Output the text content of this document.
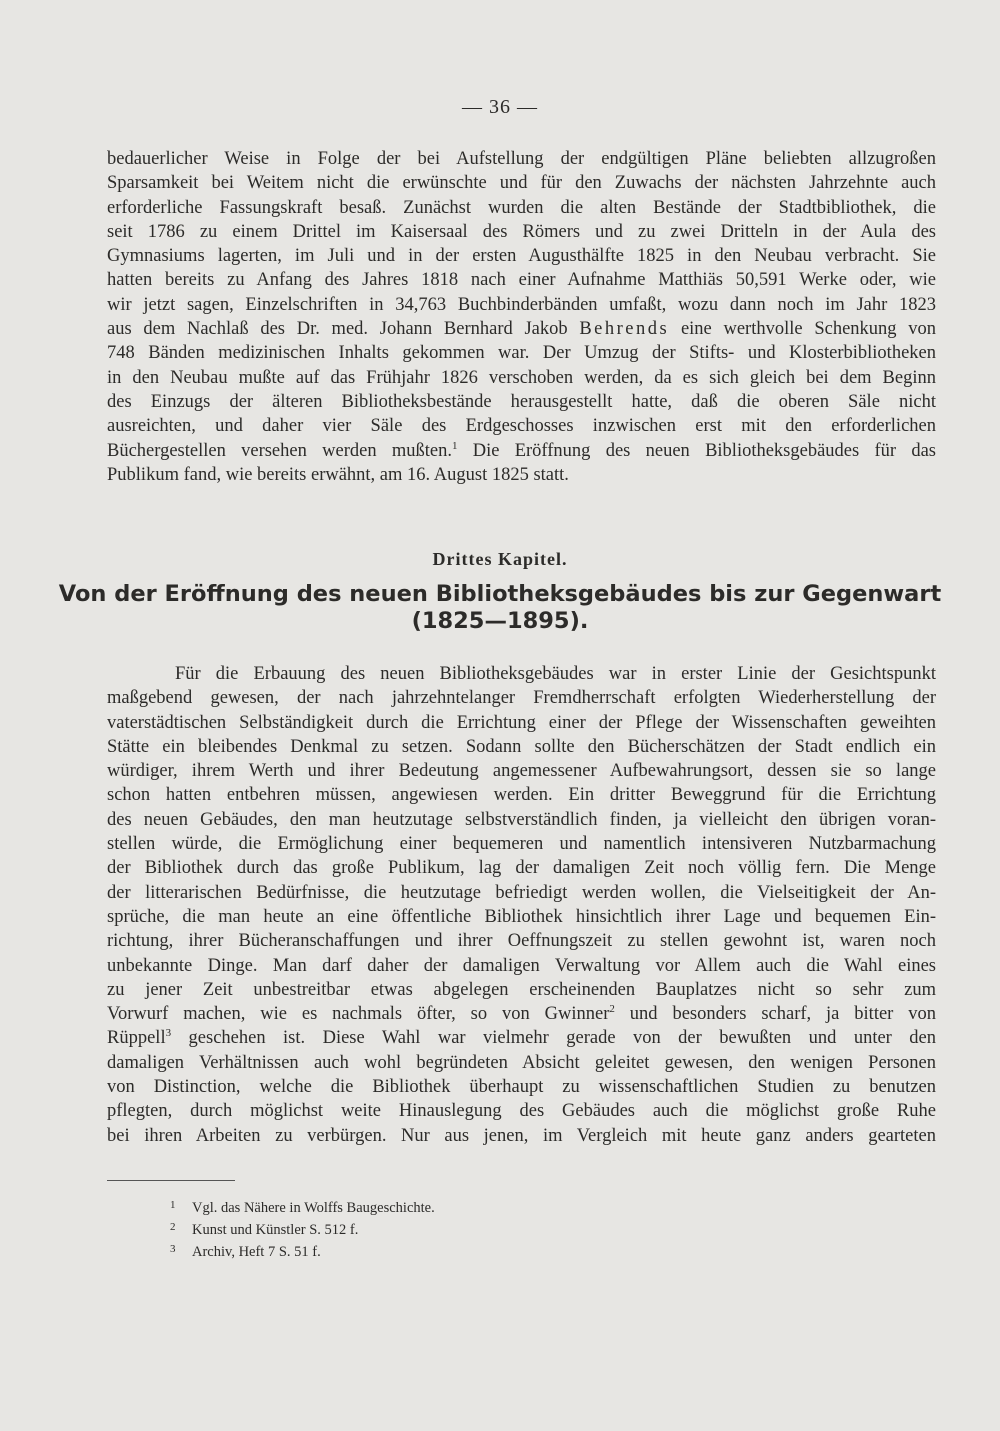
— 36 —
bedauerlicher Weise in Folge der bei Aufstellung der endgültigen Pläne beliebten allzugroßen
Sparsamkeit bei Weitem nicht die erwünschte und für den Zuwachs der nächsten Jahrzehnte auch
erforderliche Fassungskraft besaß. Zunächst wurden die alten Bestände der Stadtbibliothek, die
seit 1786 zu einem Drittel im Kaisersaal des Römers und zu zwei Dritteln in der Aula des
Gymnasiums lagerten, im Juli und in der ersten Augusthälfte 1825 in den Neubau verbracht. Sie
hatten bereits zu Anfang des Jahres 1818 nach einer Aufnahme Matthiäs 50,591 Werke oder, wie
wir jetzt sagen, Einzelschriften in 34,763 Buchbinderbänden umfaßt, wozu dann noch im Jahr 1823
aus dem Nachlaß des Dr. med. Johann Bernhard Jakob Behrends eine werthvolle Schenkung von
748 Bänden medizinischen Inhalts gekommen war. Der Umzug der Stifts- und Klosterbibliotheken
in den Neubau mußte auf das Frühjahr 1826 verschoben werden, da es sich gleich bei dem Beginn
des Einzugs der älteren Bibliotheksbestände herausgestellt hatte, daß die oberen Säle nicht
ausreichten, und daher vier Säle des Erdgeschosses inzwischen erst mit den erforderlichen
Büchergestellen versehen werden mußten.$^1$ Die Eröffnung des neuen Bibliotheksgebäudes für das
Publikum fand, wie bereits erwähnt, am 16. August 1825 statt.
Drittes Kapitel.
Von der Eröffnung des neuen Bibliotheksgebäudes bis zur Gegenwart
(1825—1895).
Für die Erbauung des neuen Bibliotheksgebäudes war in erster Linie der Gesichtspunkt
maßgebend gewesen, der nach jahrzehntelanger Fremdherrschaft erfolgten Wiederherstellung der
vaterstädtischen Selbständigkeit durch die Errichtung einer der Pflege der Wissenschaften geweihten
Stätte ein bleibendes Denkmal zu setzen. Sodann sollte den Bücherschätzen der Stadt endlich ein
würdiger, ihrem Werth und ihrer Bedeutung angemessener Aufbewahrungsort, dessen sie so lange
schon hatten entbehren müssen, angewiesen werden. Ein dritter Beweggrund für die Errichtung
des neuen Gebäudes, den man heutzutage selbstverständlich finden, ja vielleicht den übrigen voran-
stellen würde, die Ermöglichung einer bequemeren und namentlich intensiveren Nutzbarmachung
der Bibliothek durch das große Publikum, lag der damaligen Zeit noch völlig fern. Die Menge
der litterarischen Bedürfnisse, die heutzutage befriedigt werden wollen, die Vielseitigkeit der An-
sprüche, die man heute an eine öffentliche Bibliothek hinsichtlich ihrer Lage und bequemen Ein-
richtung, ihrer Bücheranschaffungen und ihrer Oeffnungszeit zu stellen gewohnt ist, waren noch
unbekannte Dinge. Man darf daher der damaligen Verwaltung vor Allem auch die Wahl eines
zu jener Zeit unbestreitbar etwas abgelegen erscheinenden Bauplatzes nicht so sehr zum
Vorwurf machen, wie es nachmals öfter, so von Gwinner$^2$ und besonders scharf, ja bitter von
Rüppell$^3$ geschehen ist. Diese Wahl war vielmehr gerade von der bewußten und unter den
damaligen Verhältnissen auch wohl begründeten Absicht geleitet gewesen, den wenigen Personen
von Distinction, welche die Bibliothek überhaupt zu wissenschaftlichen Studien zu benutzen
pflegten, durch möglichst weite Hinauslegung des Gebäudes auch die möglichst große Ruhe
bei ihren Arbeiten zu verbürgen. Nur aus jenen, im Vergleich mit heute ganz anders gearteten
1 Vgl. das Nähere in Wolffs Baugeschichte.
2 Kunst und Künstler S. 512 f.
3 Archiv, Heft 7 S. 51 f.
